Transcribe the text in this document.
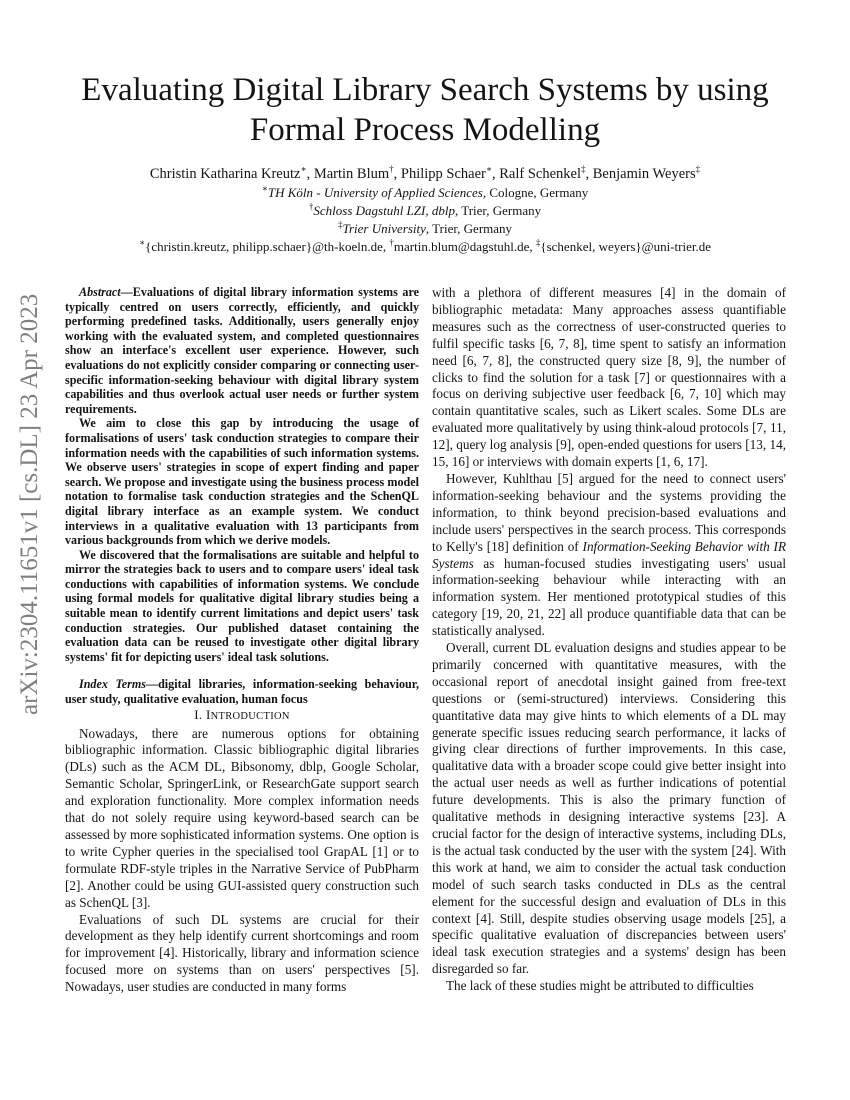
Evaluating Digital Library Search Systems by using
Formal Process Modelling
Christin Katharina Kreutz∗, Martin Blum†, Philipp Schaer∗, Ralf Schenkel‡, Benjamin Weyers‡
∗TH Köln - University of Applied Sciences, Cologne, Germany
†Schloss Dagstuhl LZI, dblp, Trier, Germany
‡Trier University, Trier, Germany
∗{christin.kreutz, philipp.schaer}@th-koeln.de, †martin.blum@dagstuhl.de, ‡{schenkel, weyers}@uni-trier.de
arXiv:2304.11651v1 [cs.DL] 23 Apr 2023

Abstract—Evaluations of digital library information systems are typically centred on users correctly, efficiently, and quickly performing predefined tasks. Additionally, users generally enjoy working with the evaluated system, and completed questionnaires show an interface's excellent user experience. However, such evaluations do not explicitly consider comparing or connecting user-specific information-seeking behaviour with digital library system capabilities and thus overlook actual user needs or further system requirements.

We aim to close this gap by introducing the usage of formalisations of users' task conduction strategies to compare their information needs with the capabilities of such information systems. We observe users' strategies in scope of expert finding and paper search. We propose and investigate using the business process model notation to formalise task conduction strategies and the SchenQL digital library interface as an example system. We conduct interviews in a qualitative evaluation with 13 participants from various backgrounds from which we derive models.

We discovered that the formalisations are suitable and helpful to mirror the strategies back to users and to compare users' ideal task conductions with capabilities of information systems. We conclude using formal models for qualitative digital library studies being a suitable mean to identify current limitations and depict users' task conduction strategies. Our published dataset containing the evaluation data can be reused to investigate other digital library systems' fit for depicting users' ideal task solutions.

Index Terms—digital libraries, information-seeking behaviour, user study, qualitative evaluation, human focus

I. INTRODUCTION

Nowadays, there are numerous options for obtaining bibliographic information. Classic bibliographic digital libraries (DLs) such as the ACM DL, Bibsonomy, dblp, Google Scholar, Semantic Scholar, SpringerLink, or ResearchGate support search and exploration functionality. More complex information needs that do not solely require using keyword-based search can be assessed by more sophisticated information systems. One option is to write Cypher queries in the specialised tool GrapAL [1] or to formulate RDF-style triples in the Narrative Service of PubPharm [2]. Another could be using GUI-assisted query construction such as SchenQL [3].

Evaluations of such DL systems are crucial for their development as they help identify current shortcomings and room for improvement [4]. Historically, library and information science focused more on systems than on users' perspectives [5]. Nowadays, user studies are conducted in many forms

with a plethora of different measures [4] in the domain of bibliographic metadata: Many approaches assess quantifiable measures such as the correctness of user-constructed queries to fulfil specific tasks [6, 7, 8], time spent to satisfy an information need [6, 7, 8], the constructed query size [8, 9], the number of clicks to find the solution for a task [7] or questionnaires with a focus on deriving subjective user feedback [6, 7, 10] which may contain quantitative scales, such as Likert scales. Some DLs are evaluated more qualitatively by using think-aloud protocols [7, 11, 12], query log analysis [9], open-ended questions for users [13, 14, 15, 16] or interviews with domain experts [1, 6, 17].

However, Kuhlthau [5] argued for the need to connect users' information-seeking behaviour and the systems providing the information, to think beyond precision-based evaluations and include users' perspectives in the search process. This corresponds to Kelly's [18] definition of Information-Seeking Behavior with IR Systems as human-focused studies investigating users' usual information-seeking behaviour while interacting with an information system. Her mentioned prototypical studies of this category [19, 20, 21, 22] all produce quantifiable data that can be statistically analysed.

Overall, current DL evaluation designs and studies appear to be primarily concerned with quantitative measures, with the occasional report of anecdotal insight gained from free-text questions or (semi-structured) interviews. Considering this quantitative data may give hints to which elements of a DL may generate specific issues reducing search performance, it lacks of giving clear directions of further improvements. In this case, qualitative data with a broader scope could give better insight into the actual user needs as well as further indications of potential future developments. This is also the primary function of qualitative methods in designing interactive systems [23]. A crucial factor for the design of interactive systems, including DLs, is the actual task conducted by the user with the system [24]. With this work at hand, we aim to consider the actual task conduction model of such search tasks conducted in DLs as the central element for the successful design and evaluation of DLs in this context [4]. Still, despite studies observing usage models [25], a specific qualitative evaluation of discrepancies between users' ideal task execution strategies and a systems' design has been disregarded so far.

The lack of these studies might be attributed to difficulties
